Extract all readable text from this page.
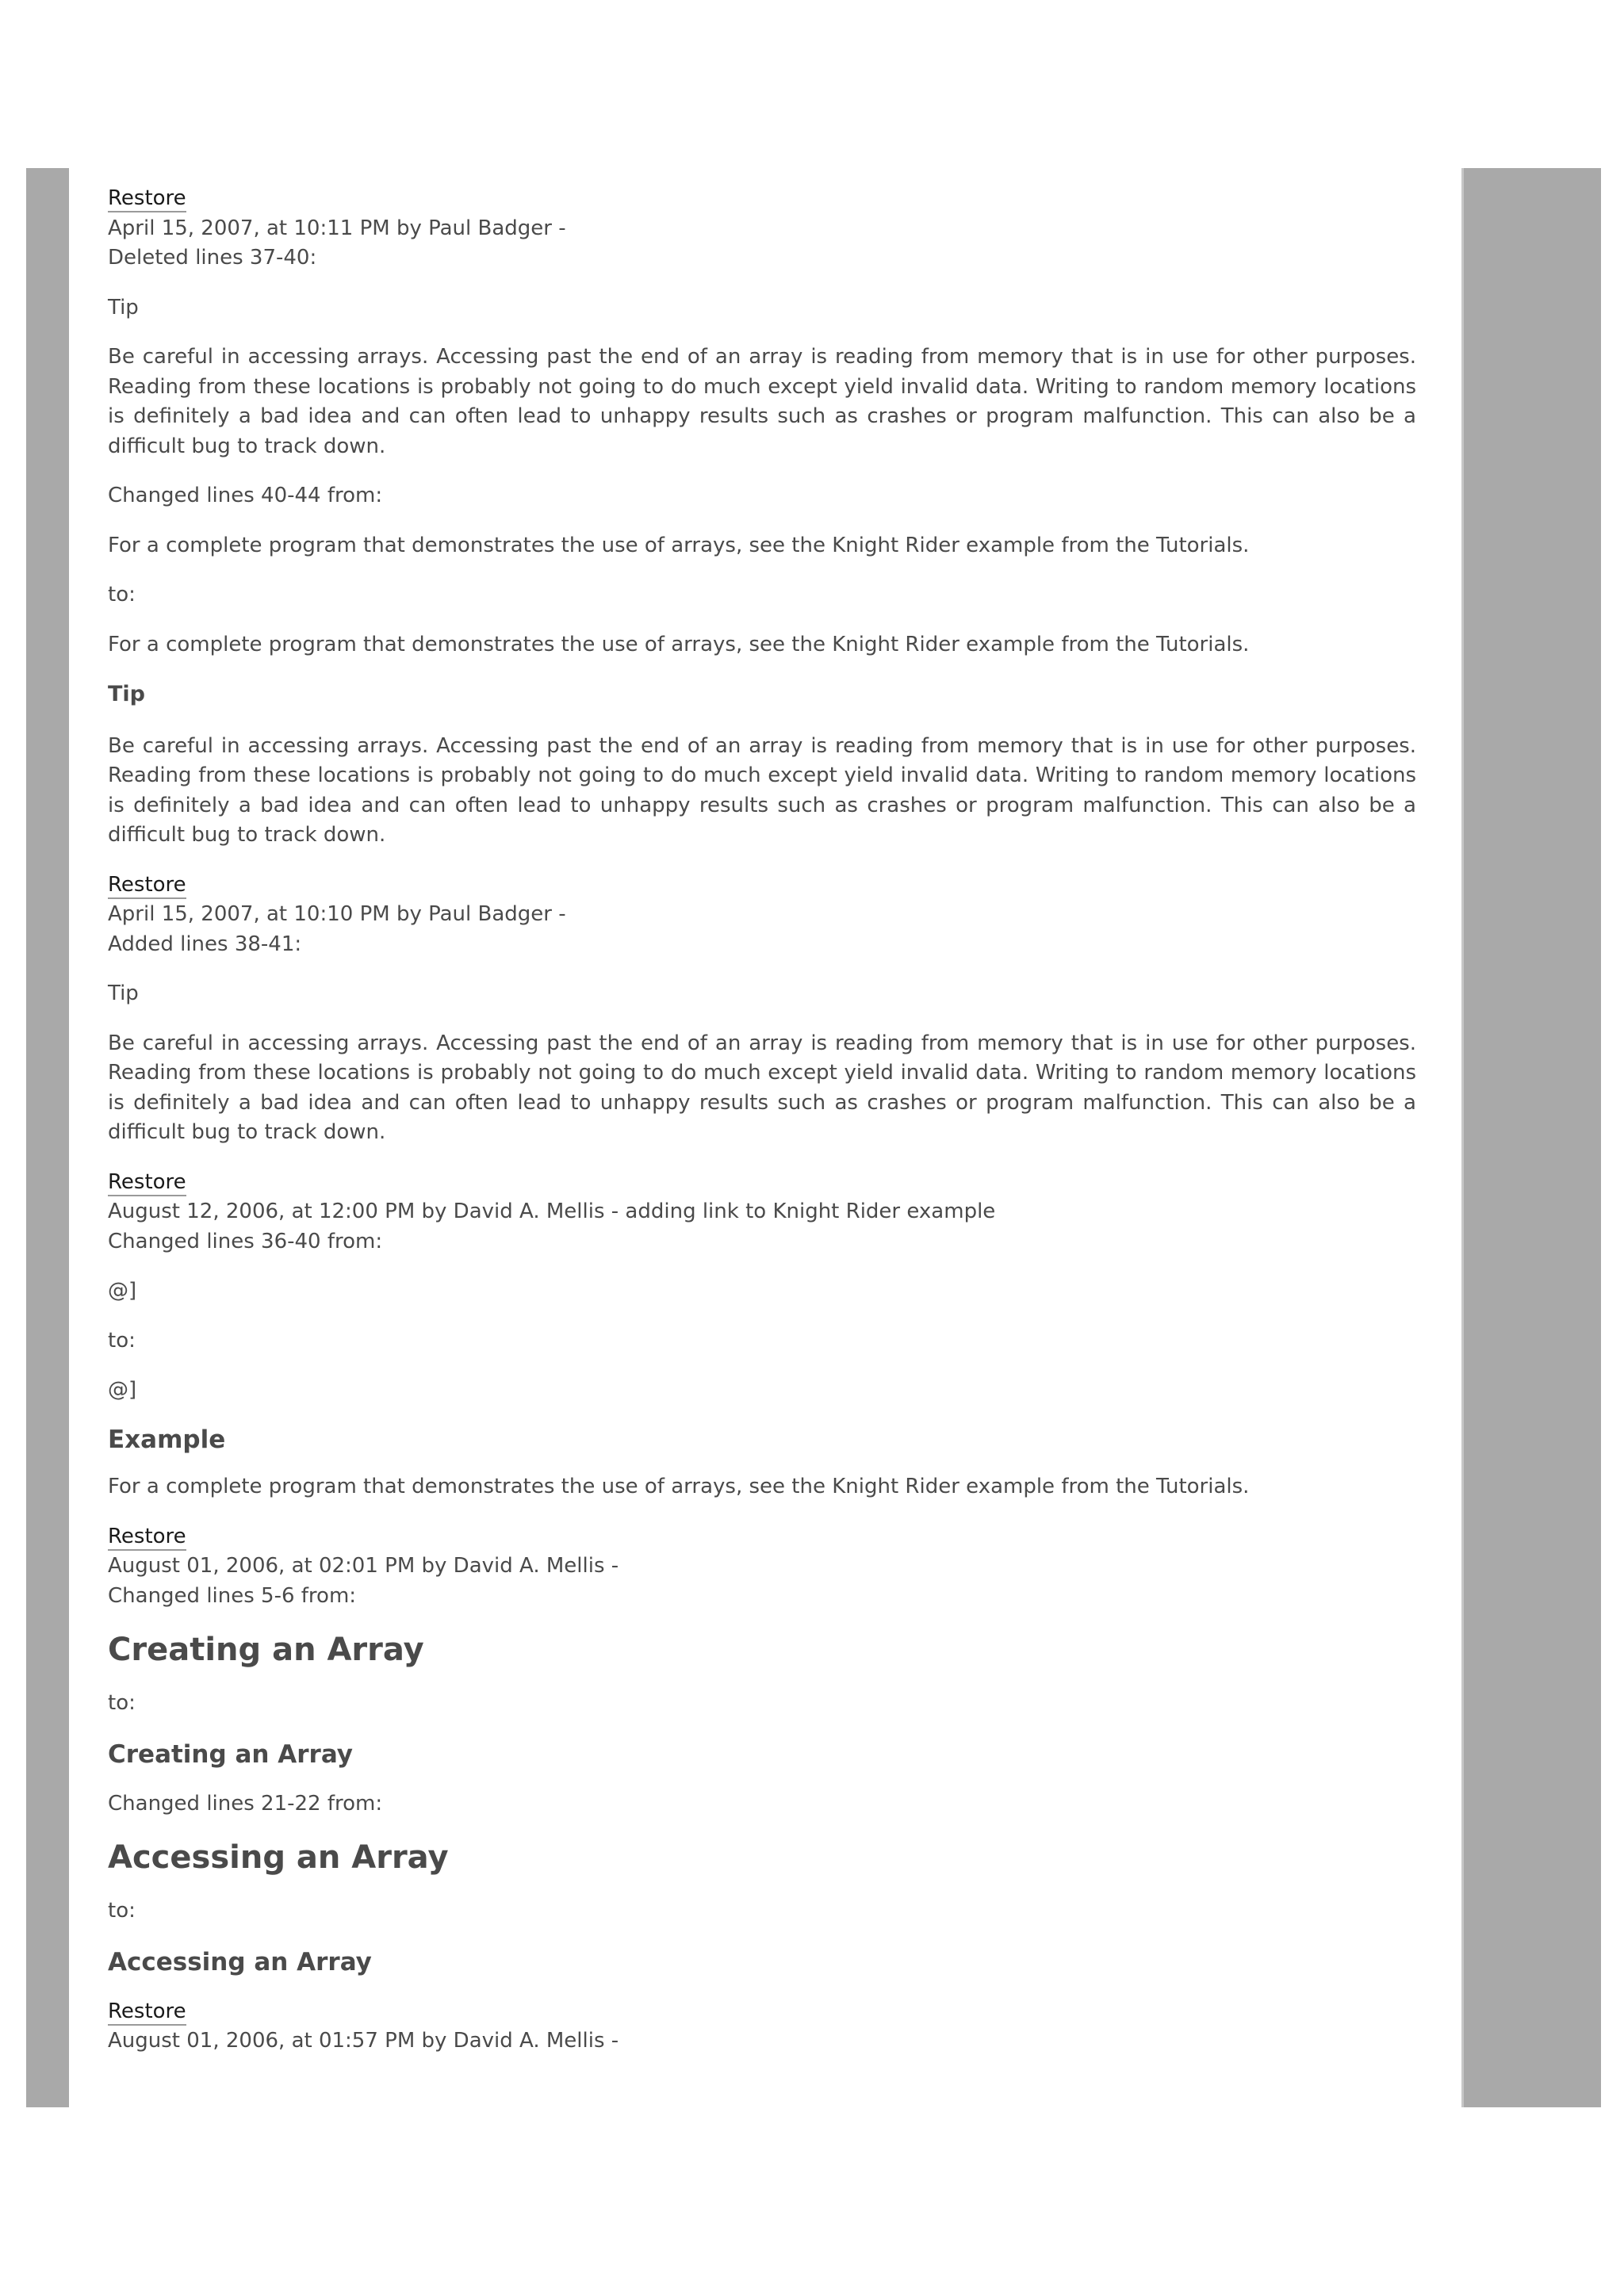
Restore

April 15, 2007, at 10:11 PM by Paul Badger -

Deleted lines 37-40:

Tip

Be careful in accessing arrays. Accessing past the end of an array is reading from memory that is in use for other purposes. Reading from these locations is probably not going to do much except yield invalid data. Writing to random memory locations is definitely a bad idea and can often lead to unhappy results such as crashes or program malfunction. This can also be a difficult bug to track down.

Changed lines 40-44 from:

For a complete program that demonstrates the use of arrays, see the Knight Rider example from the Tutorials.

to:

For a complete program that demonstrates the use of arrays, see the Knight Rider example from the Tutorials.

Tip

Be careful in accessing arrays. Accessing past the end of an array is reading from memory that is in use for other purposes. Reading from these locations is probably not going to do much except yield invalid data. Writing to random memory locations is definitely a bad idea and can often lead to unhappy results such as crashes or program malfunction. This can also be a difficult bug to track down.

Restore

April 15, 2007, at 10:10 PM by Paul Badger -

Added lines 38-41:

Tip

Be careful in accessing arrays. Accessing past the end of an array is reading from memory that is in use for other purposes. Reading from these locations is probably not going to do much except yield invalid data. Writing to random memory locations is definitely a bad idea and can often lead to unhappy results such as crashes or program malfunction. This can also be a difficult bug to track down.

Restore

August 12, 2006, at 12:00 PM by David A. Mellis - adding link to Knight Rider example

Changed lines 36-40 from:

@]

to:

@]

Example

For a complete program that demonstrates the use of arrays, see the Knight Rider example from the Tutorials.

Restore

August 01, 2006, at 02:01 PM by David A. Mellis -

Changed lines 5-6 from:

Creating an Array

to:

Creating an Array

Changed lines 21-22 from:

Accessing an Array

to:

Accessing an Array

Restore

August 01, 2006, at 01:57 PM by David A. Mellis -
